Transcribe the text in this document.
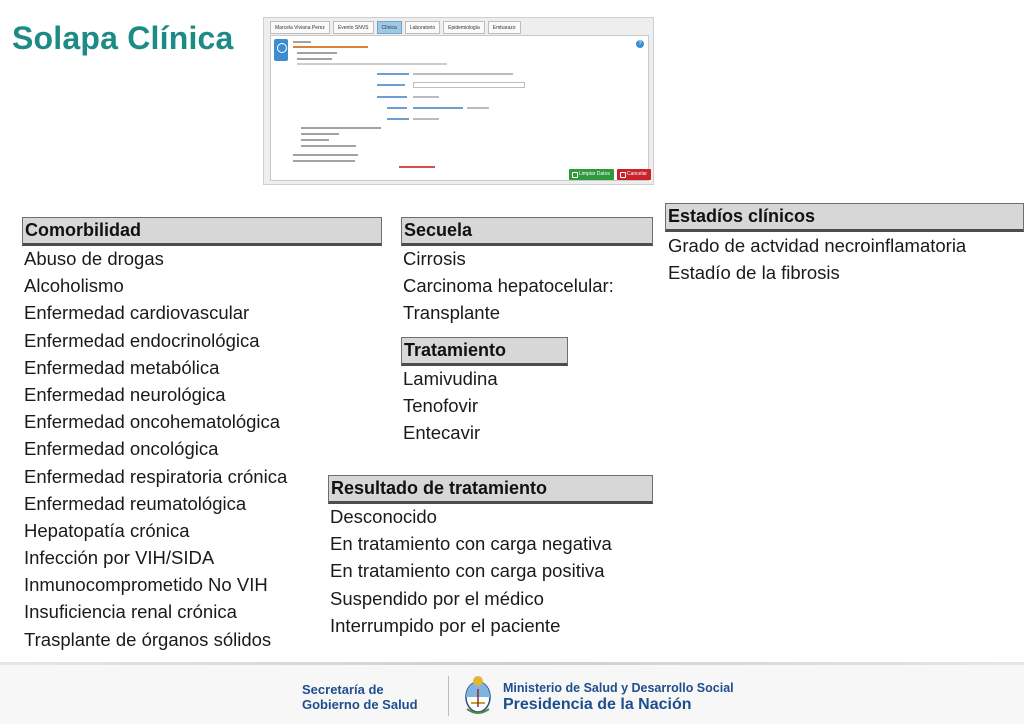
Solapa Clínica	Marcela Viviana Perez	Evento SNVS	Clínica	Laboratorio	Epidemiología	Embarazo
?
Limpiar Datos	Cancelar
Comorbilidad
Abuso de drogas
Alcoholismo
Enfermedad cardiovascular
Enfermedad endocrinológica
Enfermedad metabólica
Enfermedad neurológica
Enfermedad oncohematológica
Enfermedad oncológica
Enfermedad respiratoria crónica
Enfermedad reumatológica
Hepatopatía crónica
Infección por VIH/SIDA
Inmunocomprometido No VIH
Insuficiencia renal crónica
Trasplante de órganos sólidos
Secuela
Cirrosis
Carcinoma hepatocelular:
Transplante
Tratamiento
Lamivudina
Tenofovir
Entecavir
Resultado de tratamiento
Desconocido
En tratamiento con carga negativa
En tratamiento con carga positiva
Suspendido por el médico
Interrumpido por el paciente
Estadíos clínicos
Grado de actvidad necroinflamatoria
Estadío de la fibrosis
Secretaría de
Gobierno de Salud
Ministerio de Salud y Desarrollo Social
Presidencia de la Nación
